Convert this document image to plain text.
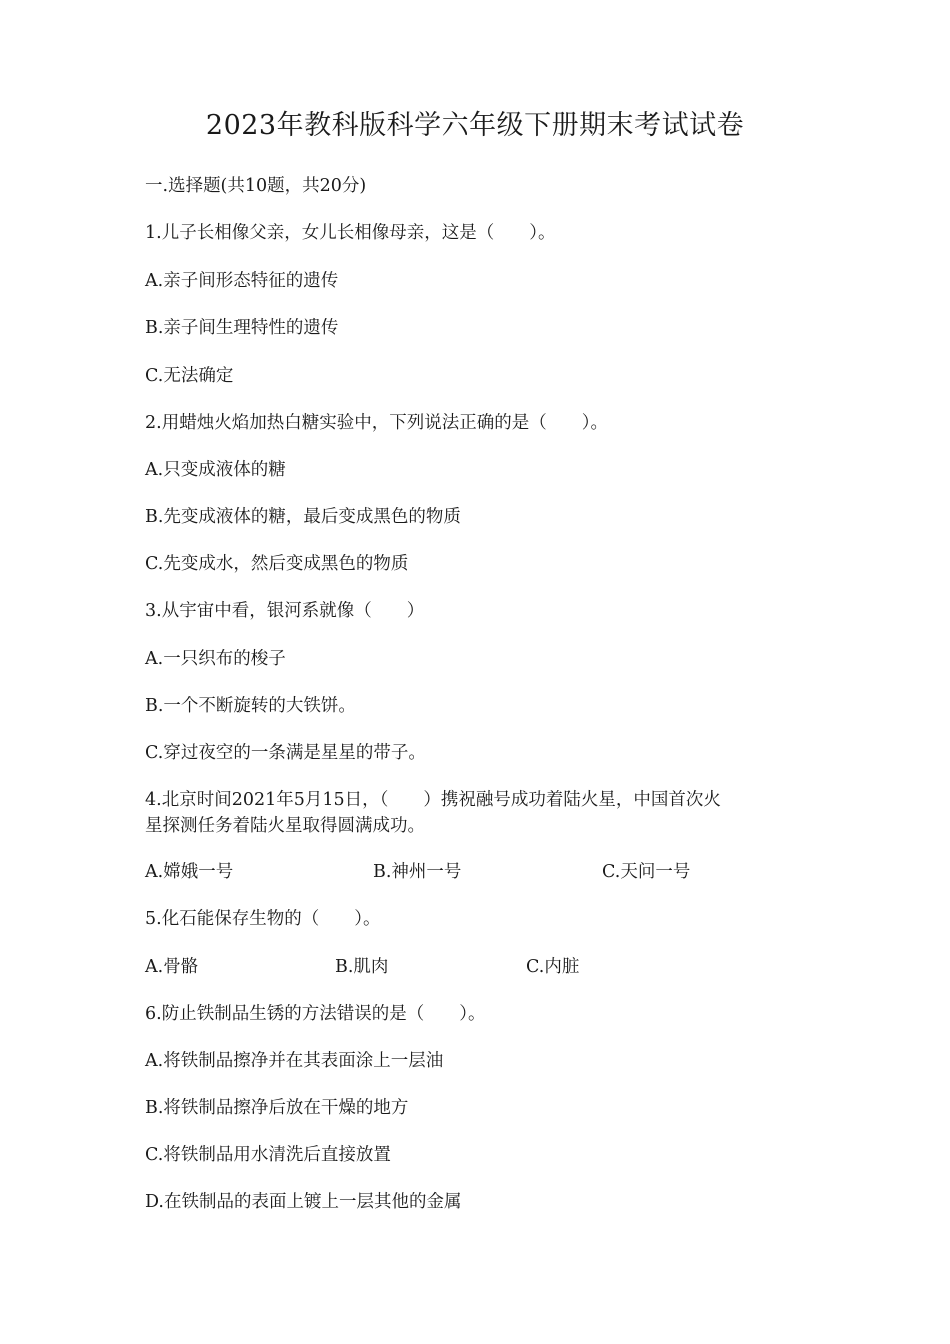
2023年教科版科学六年级下册期末考试试卷
一.选择题(共10题，共20分)
1.儿子长相像父亲，女儿长相像母亲，这是（　　）。
A.亲子间形态特征的遗传
B.亲子间生理特性的遗传
C.无法确定
2.用蜡烛火焰加热白糖实验中，下列说法正确的是（　　）。
A.只变成液体的糖
B.先变成液体的糖，最后变成黑色的物质
C.先变成水，然后变成黑色的物质
3.从宇宙中看，银河系就像（　　）
A.一只织布的梭子
B.一个不断旋转的大铁饼。
C.穿过夜空的一条满是星星的带子。
4.北京时间2021年5月15日，（　　）携祝融号成功着陆火星，中国首次火
星探测任务着陆火星取得圆满成功。
A.嫦娥一号	B.神州一号	C.天问一号
5.化石能保存生物的（　　）。
A.骨骼	B.肌肉	C.内脏
6.防止铁制品生锈的方法错误的是（　　）。
A.将铁制品擦净并在其表面涂上一层油
B.将铁制品擦净后放在干燥的地方
C.将铁制品用水清洗后直接放置
D.在铁制品的表面上镀上一层其他的金属
